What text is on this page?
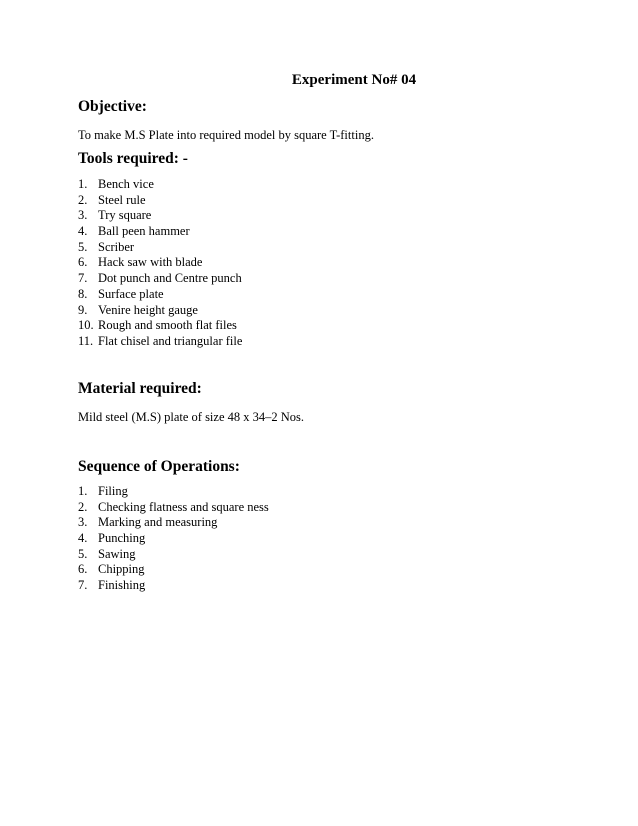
Experiment No# 04
Objective:
To make M.S Plate into required model by square T-fitting.
Tools required: -
1. Bench vice
2. Steel rule
3. Try square
4. Ball peen hammer
5. Scriber
6. Hack saw with blade
7. Dot punch and Centre punch
8. Surface plate
9. Venire height gauge
10. Rough and smooth flat files
11. Flat chisel and triangular file
Material required:
Mild steel (M.S) plate of size 48 x 34–2 Nos.
Sequence of Operations:
1. Filing
2. Checking flatness and square ness
3. Marking and measuring
4. Punching
5. Sawing
6. Chipping
7. Finishing
